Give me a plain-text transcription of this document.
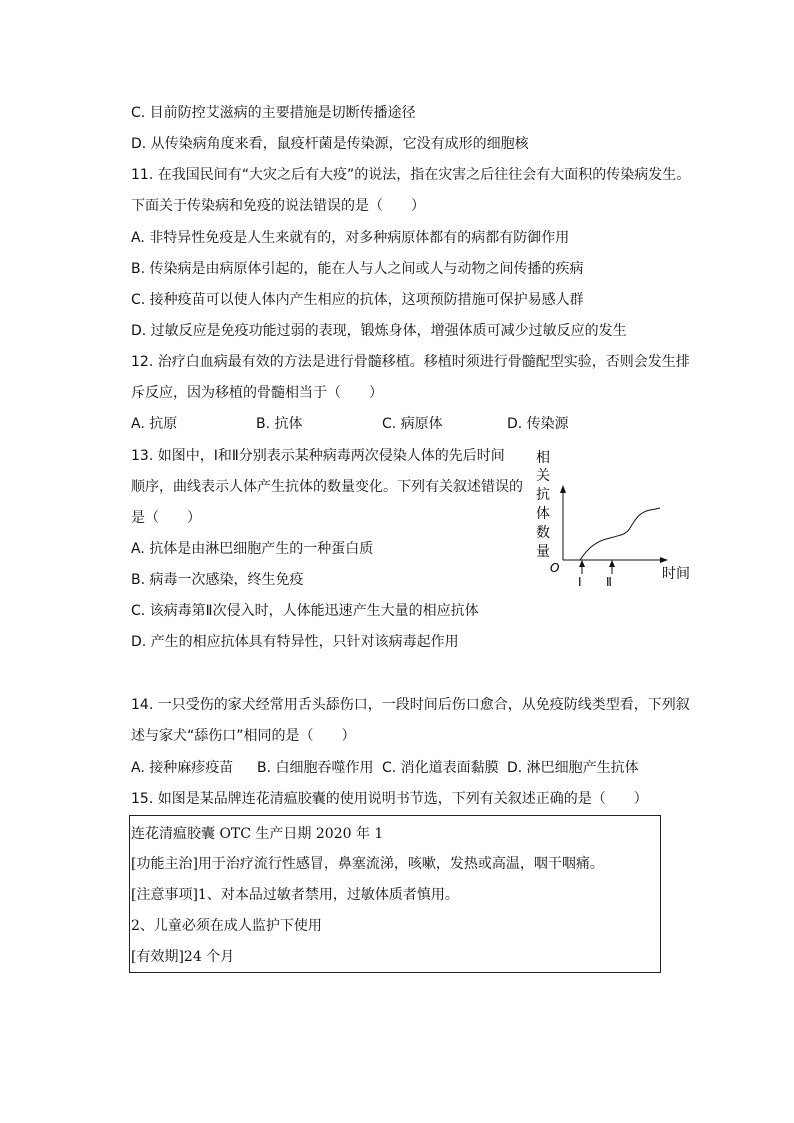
C. 目前防控艾滋病的主要措施是切断传播途径
D. 从传染病角度来看，鼠疫杆菌是传染源，它没有成形的细胞核
11. 在我国民间有“大灾之后有大疫”的说法，指在灾害之后往往会有大面积的传染病发生。
下面关于传染病和免疫的说法错误的是（　　）
A. 非特异性免疫是人生来就有的，对多种病原体都有的病都有防御作用
B. 传染病是由病原体引起的，能在人与人之间或人与动物之间传播的疾病
C. 接种疫苗可以使人体内产生相应的抗体，这项预防措施可保护易感人群
D. 过敏反应是免疫功能过弱的表现，锻炼身体，增强体质可减少过敏反应的发生
12. 治疗白血病最有效的方法是进行骨髓移植。移植时须进行骨髓配型实验，否则会发生排
斥反应，因为移植的骨髓相当于（　　）
A. 抗原	B. 抗体	C. 病原体	D. 传染源
13. 如图中，Ⅰ和Ⅱ分别表示某种病毒两次侵染人体的先后时间
顺序，曲线表示人体产生抗体的数量变化。下列有关叙述错误的
是（　　）
A. 抗体是由淋巴细胞产生的一种蛋白质
B. 病毒一次感染，终生免疫
C. 该病毒第Ⅱ次侵入时，人体能迅速产生大量的相应抗体
D. 产生的相应抗体具有特异性，只针对该病毒起作用
相
关
抗
体
数
量
O	时间
Ⅰ Ⅱ
14. 一只受伤的家犬经常用舌头舔伤口，一段时间后伤口愈合，从免疫防线类型看，下列叙
述与家犬“舔伤口”相同的是（　　）
A. 接种麻疹疫苗 B. 白细胞吞噬作用 C. 消化道表面黏膜 D. 淋巴细胞产生抗体
15. 如图是某品牌连花清瘟胶囊的使用说明书节选，下列有关叙述正确的是（　　）
连花清瘟胶囊 OTC 生产日期 2020 年 1
[功能主治]用于治疗流行性感冒，鼻塞流涕，咳嗽，发热或高温，咽干咽痛。
[注意事项]1、对本品过敏者禁用，过敏体质者慎用。
2、儿童必须在成人监护下使用
[有效期]24 个月
